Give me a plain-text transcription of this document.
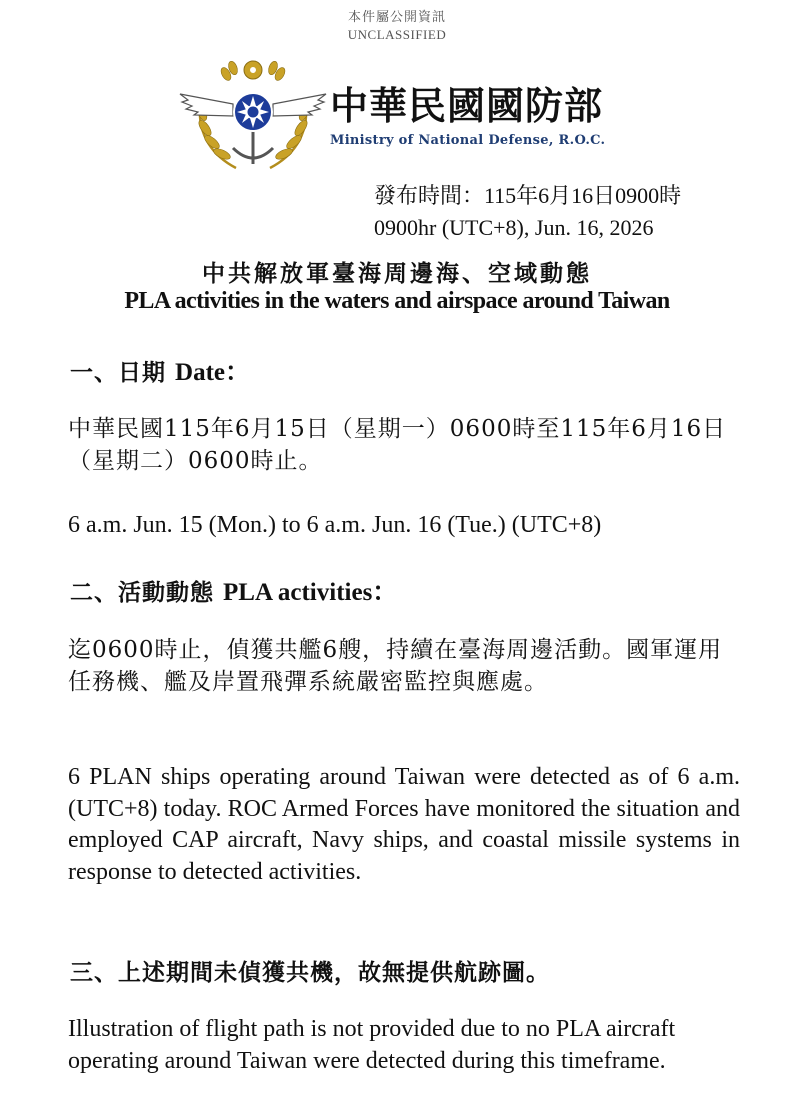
本件屬公開資訊
UNCLASSIFIED
中華民國國防部
Ministry of National Defense, R.O.C.
發布時間：115年6月16日0900時
0900hr (UTC+8), Jun. 16, 2026
中共解放軍臺海周邊海、空域動態
PLA activities in the waters and airspace around Taiwan
一、日期 Date：
中華民國115年6月15日（星期一）0600時至115年6月16日（星期二）0600時止。
6 a.m. Jun. 15 (Mon.) to 6 a.m. Jun. 16 (Tue.) (UTC+8)
二、活動動態 PLA activities：
迄0600時止，偵獲共艦6艘，持續在臺海周邊活動。國軍運用任務機、艦及岸置飛彈系統嚴密監控與應處。
6 PLAN ships operating around Taiwan were detected as of 6 a.m. (UTC+8) today. ROC Armed Forces have monitored the situation and employed CAP aircraft, Navy ships, and coastal missile systems in response to detected activities.
三、上述期間未偵獲共機，故無提供航跡圖。
Illustration of flight path is not provided due to no PLA aircraft operating around Taiwan were detected during this timeframe.
